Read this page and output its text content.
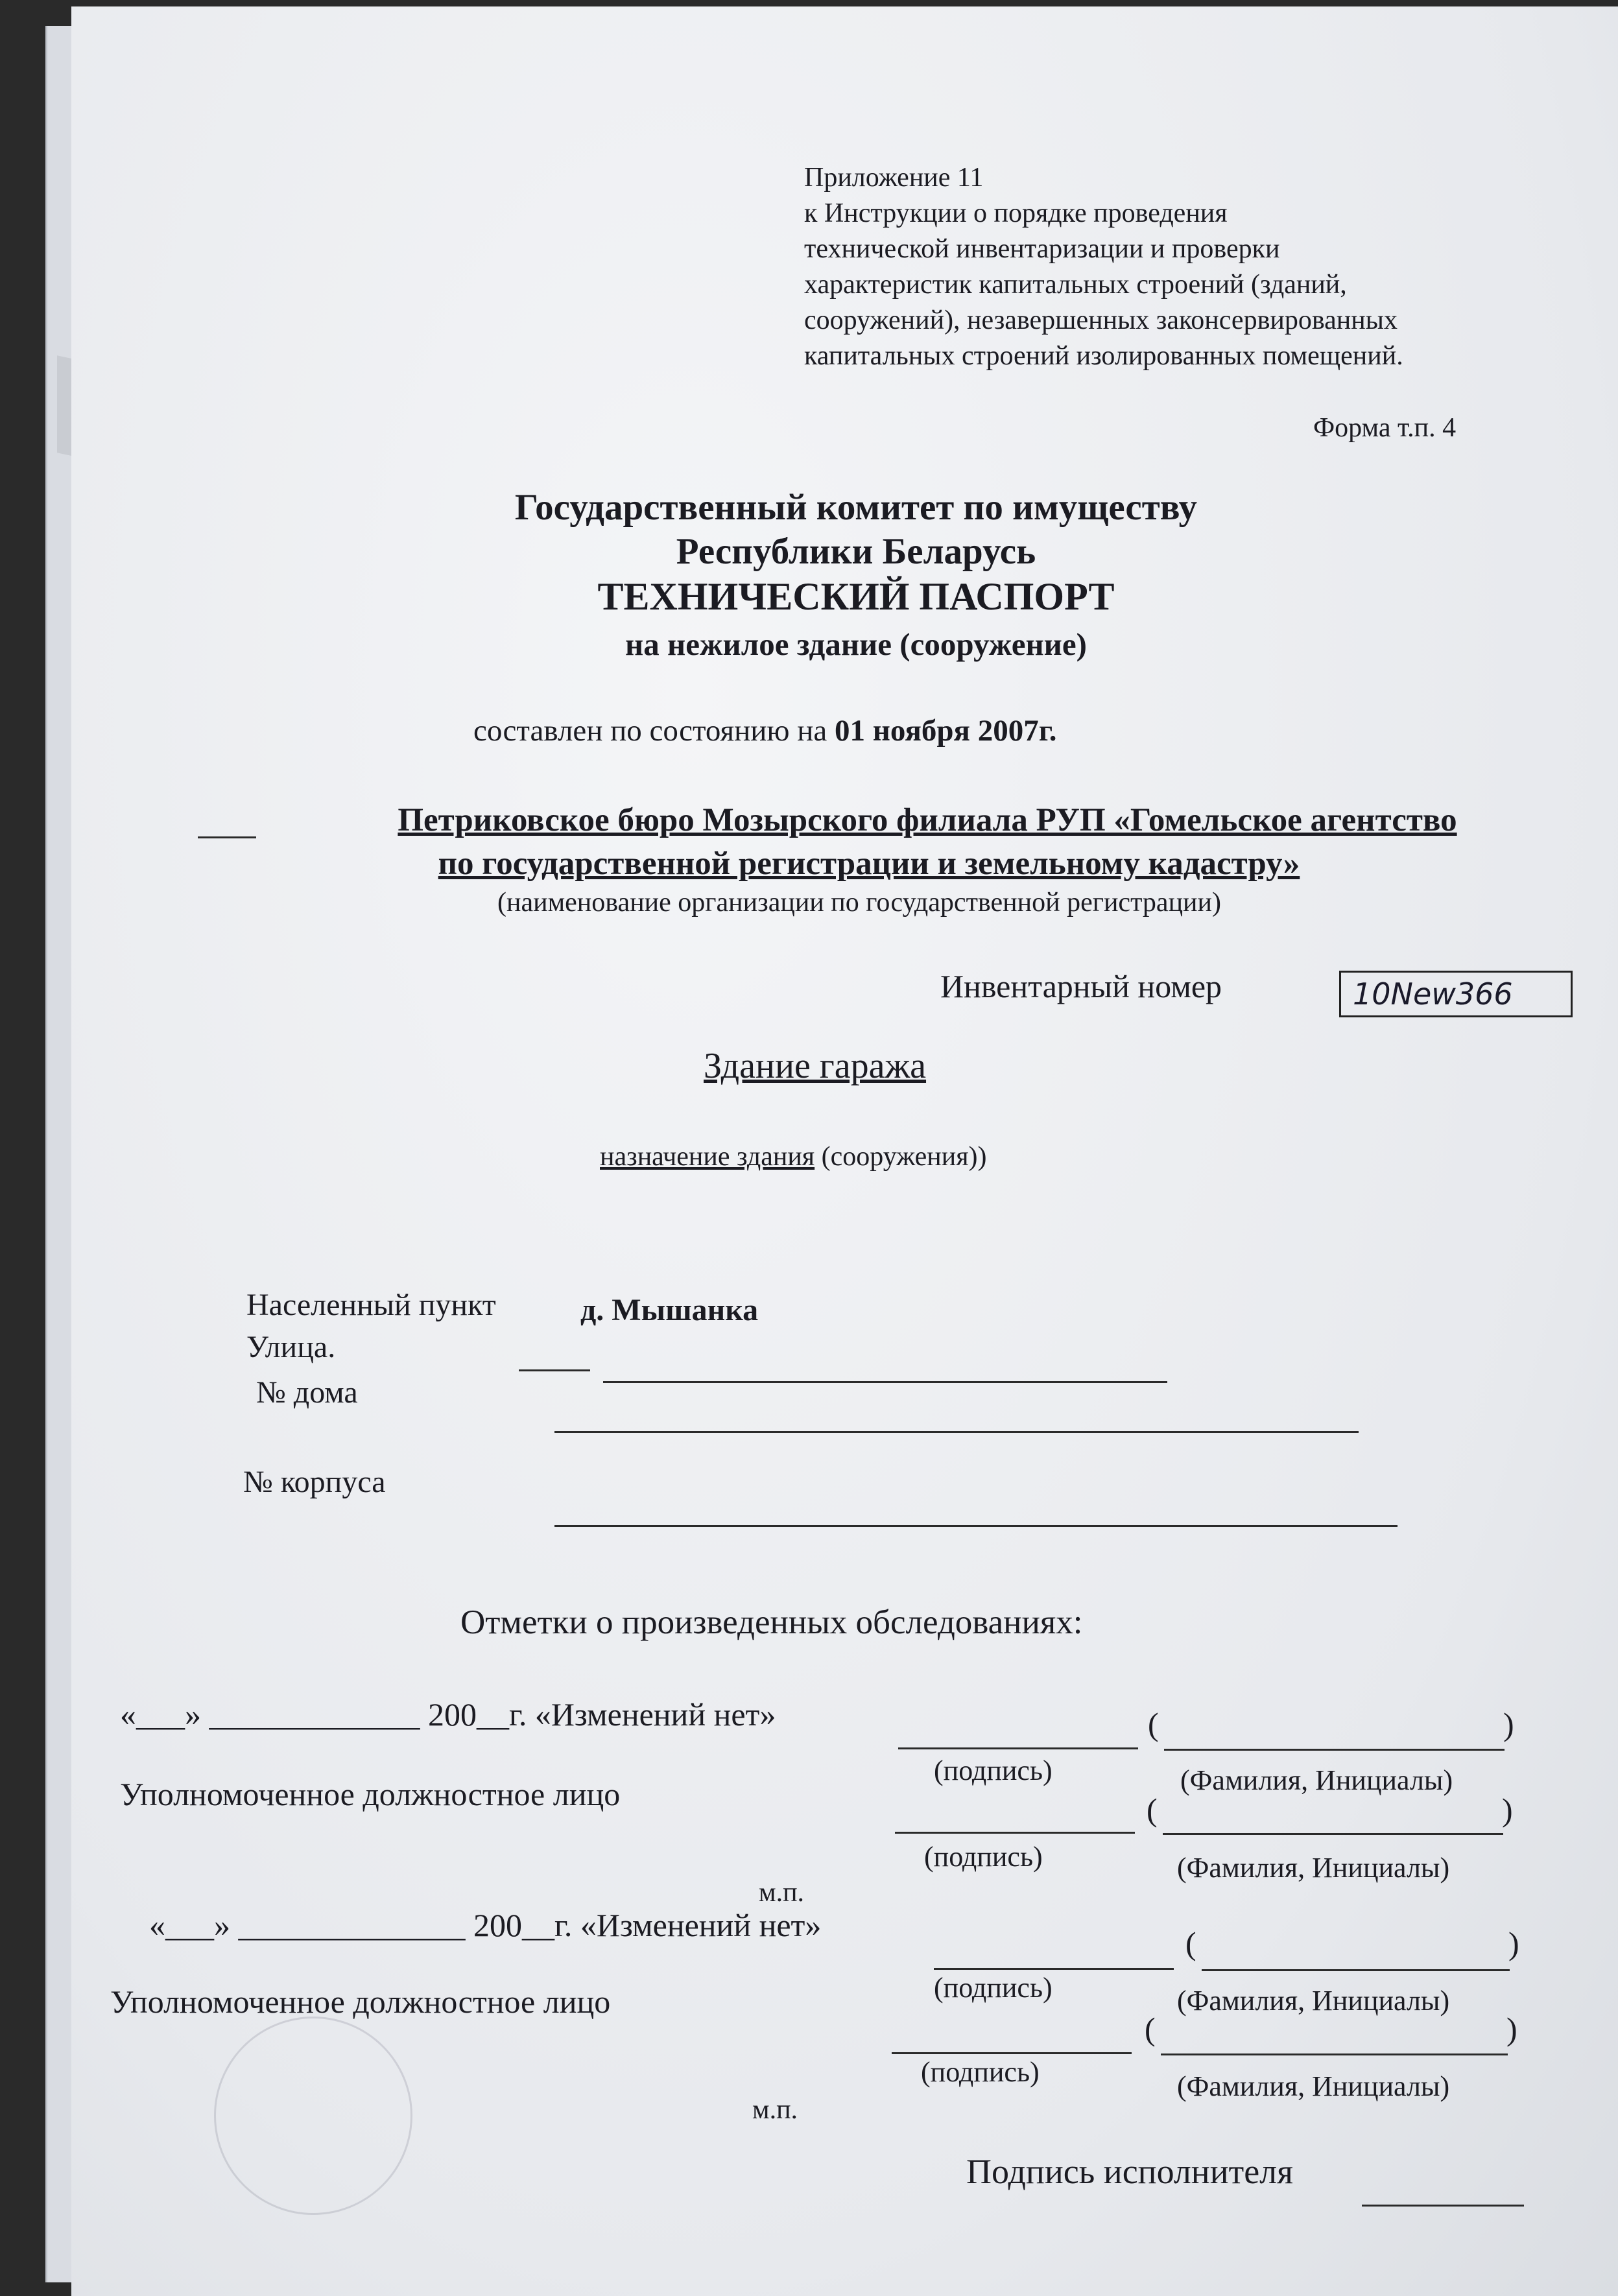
Приложение 11
к Инструкции о порядке проведения
технической инвентаризации и проверки
характеристик капитальных строений (зданий,
сооружений), незавершенных законсервированных
капитальных строений изолированных помещений.
Форма т.п. 4
Государственный комитет по имуществу
Республики Беларусь
ТЕХНИЧЕСКИЙ ПАСПОРТ
на нежилое здание (сооружение)
составлен по состоянию на 01 ноября 2007г.
Петриковское бюро Мозырского филиала РУП «Гомельское агентство
по государственной регистрации и земельному кадастру»
(наименование организации по государственной регистрации)
Инвентарный номер	10Nеw366
Здание гаража
назначение здания (сооружения))
Населенный пункт	д. Мышанка
Улица.
№ дома
№ корпуса
Отметки о произведенных обследованиях:
«___» _____________ 200__г. «Изменений нет»	(	)
(подпись)	(Фамилия, Инициалы)
Уполномоченное должностное лицо	(	)
(подпись)	(Фамилия, Инициалы)
м.п.
«___» ______________ 200__г. «Изменений нет»	(	)
(подпись)	(Фамилия, Инициалы)
Уполномоченное должностное лицо
(	)
(подпись)	(Фамилия, Инициалы)
м.п.
Подпись исполнителя
